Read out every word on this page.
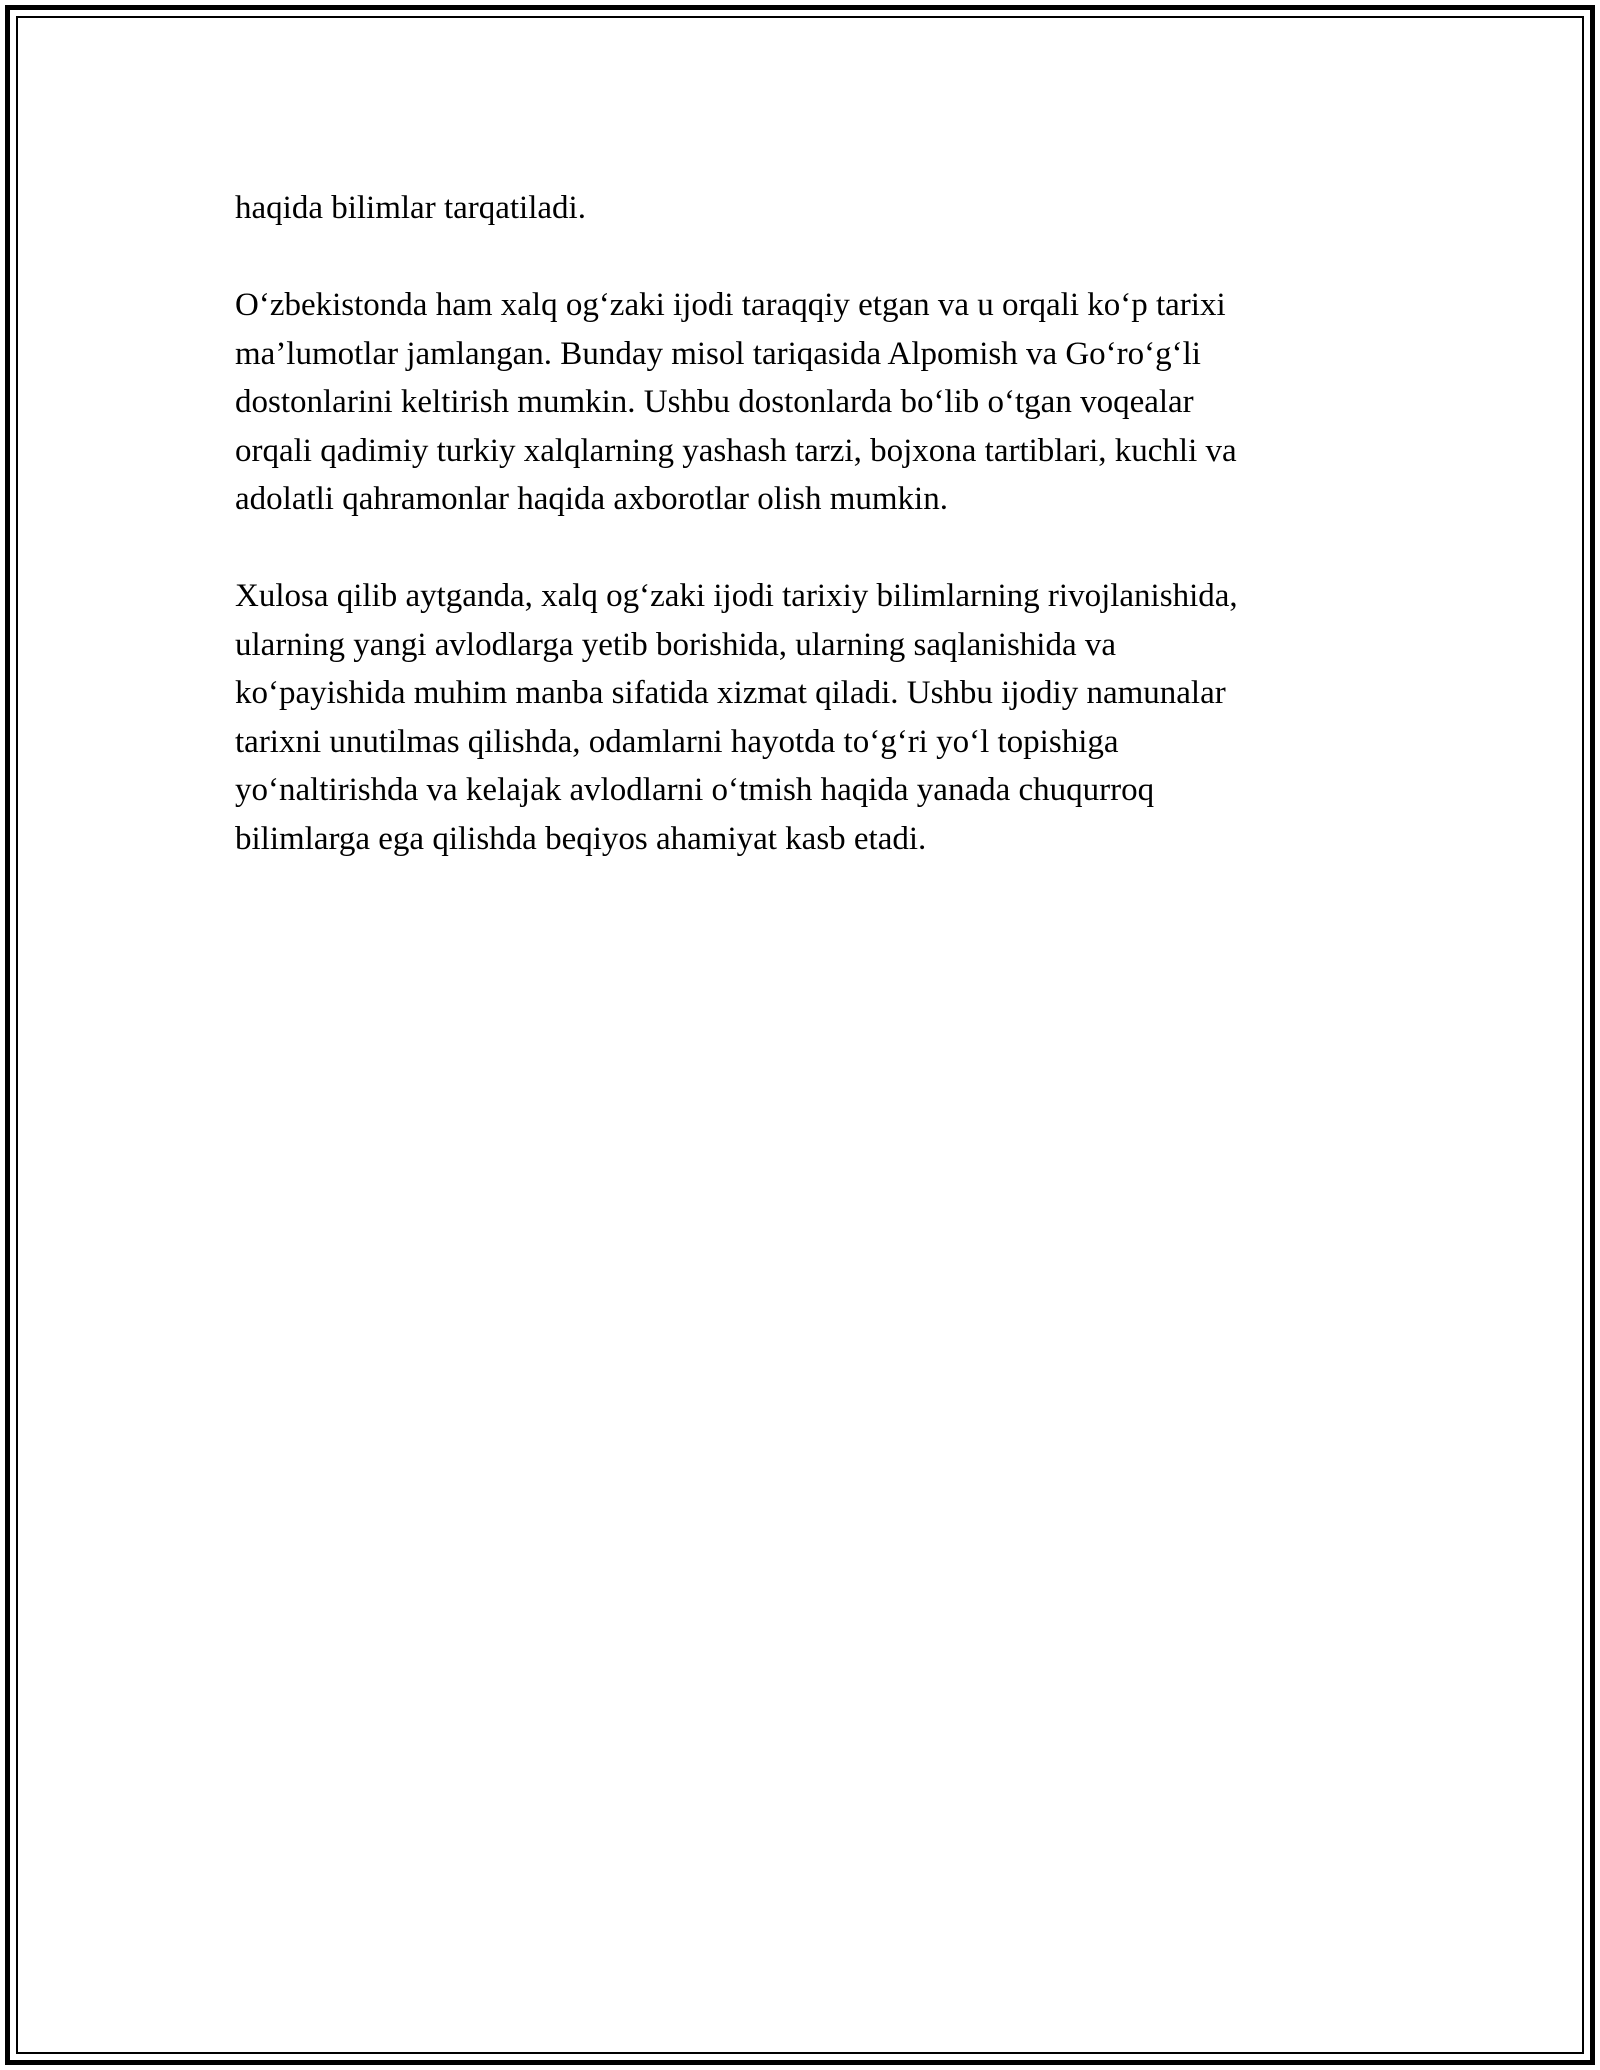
haqida bilimlar tarqatiladi.

O‘zbekistonda ham xalq og‘zaki ijodi taraqqiy etgan va u orqali ko‘p tarixi
ma’lumotlar jamlangan. Bunday misol tariqasida Alpomish va Go‘ro‘g‘li
dostonlarini keltirish mumkin. Ushbu dostonlarda bo‘lib o‘tgan voqealar
orqali qadimiy turkiy xalqlarning yashash tarzi, bojxona tartiblari, kuchli va
adolatli qahramonlar haqida axborotlar olish mumkin.

Xulosa qilib aytganda, xalq og‘zaki ijodi tarixiy bilimlarning rivojlanishida,
ularning yangi avlodlarga yetib borishida, ularning saqlanishida va
ko‘payishida muhim manba sifatida xizmat qiladi. Ushbu ijodiy namunalar
tarixni unutilmas qilishda, odamlarni hayotda to‘g‘ri yo‘l topishiga
yo‘naltirishda va kelajak avlodlarni o‘tmish haqida yanada chuqurroq
bilimlarga ega qilishda beqiyos ahamiyat kasb etadi.
